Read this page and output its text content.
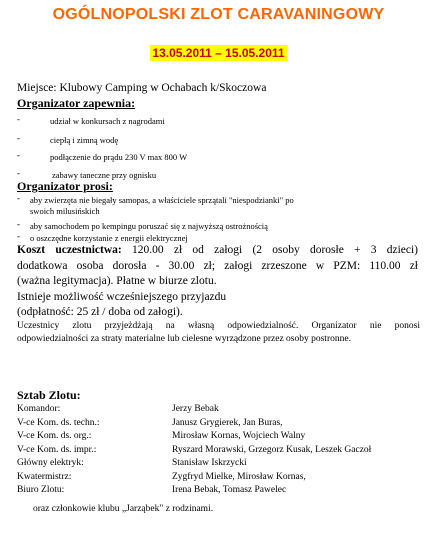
OGÓLNOPOLSKI ZLOT CARAVANINGOWY
13.05.2011 – 15.05.2011
Miejsce: Klubowy Camping w Ochabach k/Skoczowa
Organizator zapewnia:
-	udział w konkursach z nagrodami
-	ciepłą i zimną wodę
-	podłączenie do prądu 230 V max 800 W
-	zabawy taneczne przy ognisku
Organizator prosi:
- aby zwierzęta nie biegały samopas, a właściciele sprzątali "niespodzianki" po
swoich milusińskich
- aby samochodem po kempingu poruszać się z najwyższą ostrożnością
- o oszczędne korzystanie z energii elektrycznej
Koszt uczestnictwa: 120.00 zł od załogi (2 osoby dorosłe + 3 dzieci)
dodatkowa osoba dorosła - 30.00 zł; załogi zrzeszone w PZM: 110.00 zł
(ważna legitymacja). Płatne w biurze zlotu.
Istnieje możliwość wcześniejszego przyjazdu
(odpłatność: 25 zł / doba od załogi).
Uczestnicy zlotu przyjeżdżają na własną odpowiedzialność. Organizator nie ponosi
odpowiedzialności za straty materialne lub cielesne wyrządzone przez osoby postronne.
Sztab Zlotu:
Komandor:	Jerzy Bebak
V-ce Kom. ds. techn.:	Janusz Grygierek, Jan Buras,
V-ce Kom. ds. org.:	Mirosław Kornas, Wojciech Walny
V-ce Kom. ds. impr.:	Ryszard Morawski, Grzegorz Kusak, Leszek Gaczoł
Główny elektryk:	Stanisław Iskrzycki
Kwatermistrz:	Zygfryd Mielke, Mirosław Kornas,
Biuro Zlotu:	Irena Bebak, Tomasz Pawelec
oraz członkowie klubu „Jarząbek" z rodzinami.
